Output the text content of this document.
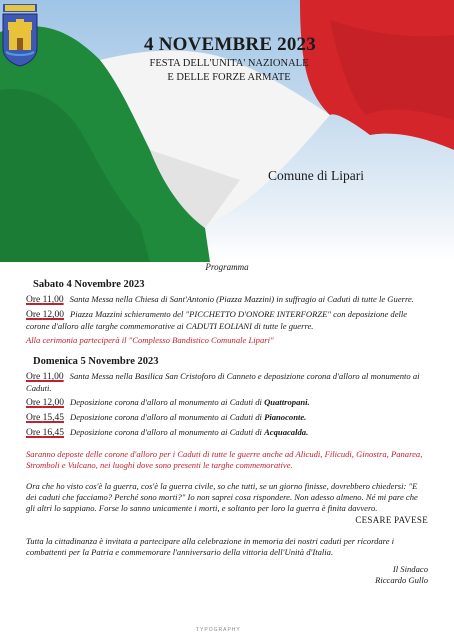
4 NOVEMBRE 2023
FESTA DELL'UNITA' NAZIONALE
E DELLE FORZE ARMATE
Comune di Lipari
Programma
Sabato 4 Novembre 2023
Ore 11,00 Santa Messa nella Chiesa di Sant'Antonio (Piazza Mazzini) in suffragio ai Caduti di tutte le Guerre.
Ore 12,00 Piazza Mazzini schieramento del "PICCHETTO D'ONORE INTERFORZE" con deposizione delle corone d'alloro alle targhe commemorative ai CADUTI EOLIANI di tutte le guerre.
Alla cerimonia parteciperà il "Complesso Bandistico Comunale Lipari"
Domenica 5 Novembre 2023
Ore 11,00 Santa Messa nella Basilica San Cristoforo di Canneto e deposizione corona d'alloro al monumento ai Caduti.
Ore 12,00 Deposizione corona d'alloro al monumento ai Caduti di Quattropani.
Ore 15,45 Deposizione corona d'alloro al monumento ai Caduti di Pianoconte.
Ore 16,45 Deposizione corona d'alloro al monumento ai Caduti di Acquacalda.
Saranno deposte delle corone d'alloro per i Caduti di tutte le guerre anche ad Alicudi, Filicudi, Ginostra, Panarea, Stromboli e Vulcano, nei luoghi dove sono presenti le targhe commemorative.
Ora che ho visto cos'è la guerra, cos'è la guerra civile, so che tutti, se un giorno finisse, dovrebbero chiedersi: "E dei caduti che facciamo? Perché sono morti?" Io non saprei cosa rispondere. Non adesso almeno. Né mi pare che gli altri lo sappiano. Forse lo sanno unicamente i morti, e soltanto per loro la guerra è finita davvero.
CESARE PAVESE
Tutta la cittadinanza è invitata a partecipare alla celebrazione in memoria dei nostri caduti per ricordare i combattenti per la Patria e commemorare l'anniversario della vittoria dell'Unità d'Italia.
Il Sindaco
Riccardo Gullo
TYPOGRAPHY
